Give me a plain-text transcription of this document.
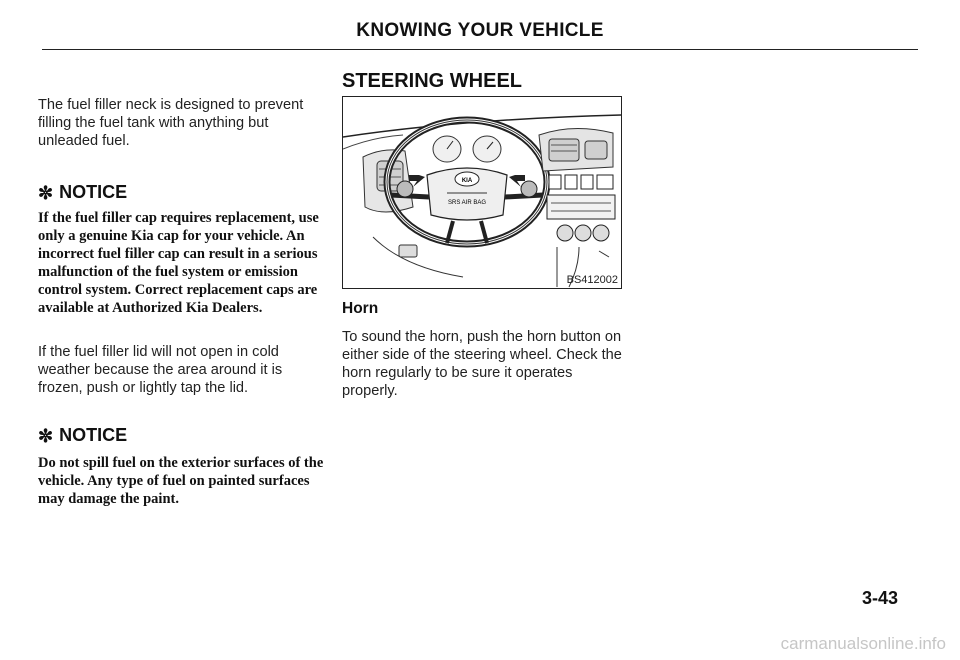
KNOWING YOUR VEHICLE

The fuel filler neck is designed to prevent filling the fuel tank with anything but unleaded fuel.

✼ NOTICE

If the fuel filler cap requires replacement, use only a genuine Kia cap for your vehicle. An incorrect fuel filler cap can result in a serious malfunction of the fuel system or emission control system. Correct replacement caps are available at Authorized Kia Dealers.

If the fuel filler lid will not open in cold weather because the area around it is frozen, push or lightly tap the lid.

✼ NOTICE

Do not spill fuel on the exterior surfaces of the vehicle. Any type of fuel on painted surfaces may damage the paint.

STEERING WHEEL
KIA
SRS AIR BAG
BS412002
Horn

To sound the horn, push the horn button on either side of the steering wheel. Check the horn regularly to be sure it operates properly.

3-43
carmanualsonline.info
